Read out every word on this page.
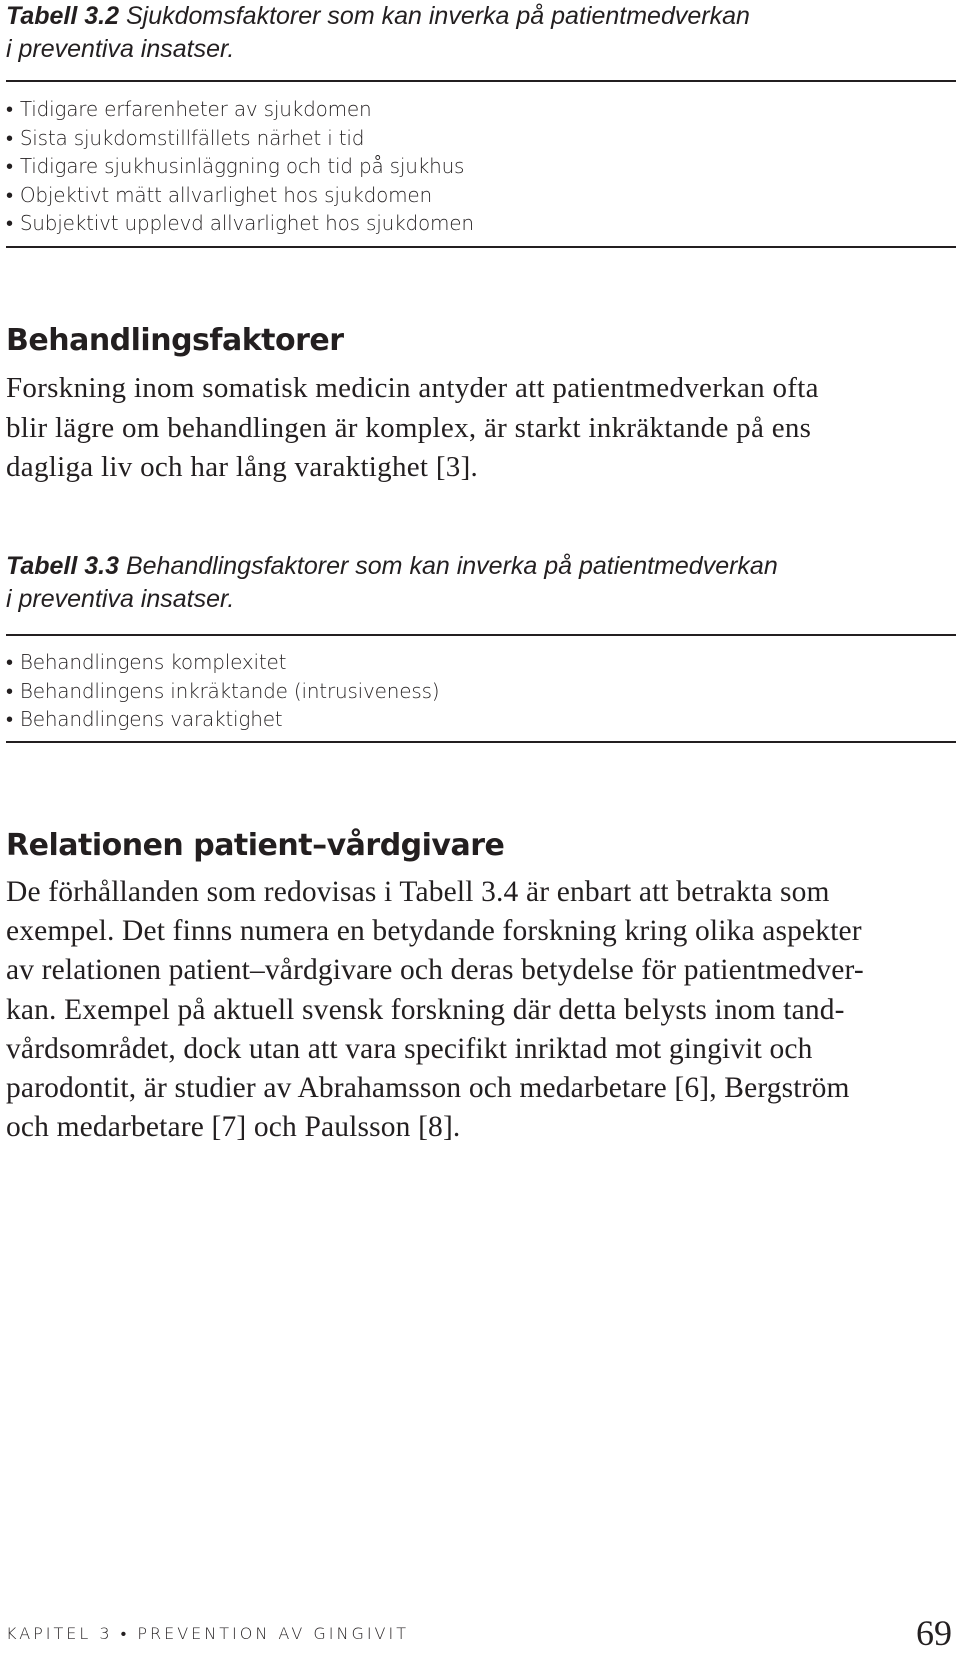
Tabell 3.2 Sjukdomsfaktorer som kan inverka på patientmedverkan
i preventiva insatser.

• Tidigare erfarenheter av sjukdomen
• Sista sjukdomstillfällets närhet i tid
• Tidigare sjukhusinläggning och tid på sjukhus
• Objektivt mätt allvarlighet hos sjukdomen
• Subjektivt upplevd allvarlighet hos sjukdomen
Behandlingsfaktorer

Forskning inom somatisk medicin antyder att patientmedverkan ofta

blir lägre om behandlingen är komplex, är starkt inkräktande på ens

dagliga liv och har lång varaktighet [3].

Tabell 3.3 Behandlingsfaktorer som kan inverka på patientmedverkan
i preventiva insatser.

• Behandlingens komplexitet
• Behandlingens inkräktande (intrusiveness)
• Behandlingens varaktighet
Relationen patient–vårdgivare

De förhållanden som redovisas i Tabell 3.4 är enbart att betrakta som

exempel. Det finns numera en betydande forskning kring olika aspekter

av relationen patient–vårdgivare och deras betydelse för patientmedver-

kan. Exempel på aktuell svensk forskning där detta belysts inom tand-

vårdsområdet, dock utan att vara specifikt inriktad mot gingivit och

parodontit, är studier av Abrahamsson och medarbetare [6], Bergström

och medarbetare [7] och Paulsson [8].

KAPITEL 3 • PREVENTION AV GINGIVIT	69
